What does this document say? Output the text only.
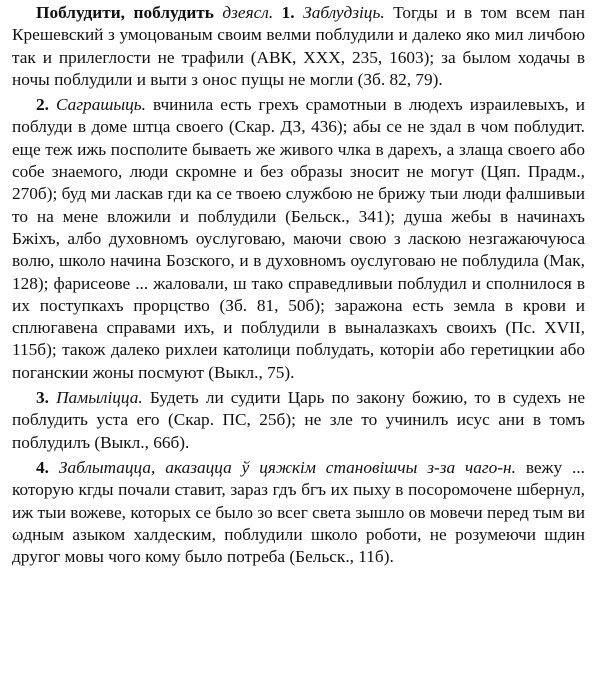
Поблудити, поблудить дзеясл. 1. Заблудзіць. Тогды и в том всем пан Крешевский з умоцованым своим велми поблудили и далеко яко мил личбою так и прилеглости не трафили (АВК, XXX, 235, 1603); за былом ходачы в ночы поблудили и выти з онос пущы не могли (Зб. 82, 79).

2. Саграшыць. вчинила есть грехъ срамотныи в людехъ израилевыхъ, и поблуди в доме штца своего (Скар. ДЗ, 436); абы се не здал в чом поблудит. еще теж ижь посполите бываеть же живого члка в дарехъ, а злаща своего або собе знаемого, люди скромне и без образы зносит не могут (Цяп. Прадм., 270б); буд ми ласкав гди ка се твоею службою не брижу тыи люди фалшивыи то на мене вложили и поблудили (Бельск., 341); душа жебы в начинахъ Бжіхъ, албо духовномъ оуслуговаю, маючи свою з ласкою незгажаючуюса волю, школо начина Бозского, и в духовномъ оуслуговаю не поблудила (Мак, 128); фарисеове ... жаловали, ш тако справедливыи поблудил и сполнилося в их поступкахъ прорцство (Зб. 81, 50б); заражона есть земла в крови и сплюгавена справами ихъ, и поблудили в выналазкахъ своихъ (Пс. XVII, 115б); також далеко рихлеи католици поблудать, которіи або геретицкии або поганскии жоны посмуют (Выкл., 75).

3. Памыліцца. Будеть ли судити Царь по закону божию, то в судехъ не поблудить уста его (Скар. ПС, 25б); не зле то учинилъ исус ани в томъ поблудилъ (Выкл., 66б).

4. Заблытацца, аказацца ў цяжкім становішчы з-за чаго-н. вежу ... которую кгды почали ставит, зараз гдъ бгъ их пыху в посоромочене шбернул, иж тыи вожеве, которых се было зо всег света зышло ов мовечи перед тым ви ωдным азыком халдеским, поблудили школо роботи, не розумеючи шдин другог мовы чого кому было потреба (Бельск., 11б).
